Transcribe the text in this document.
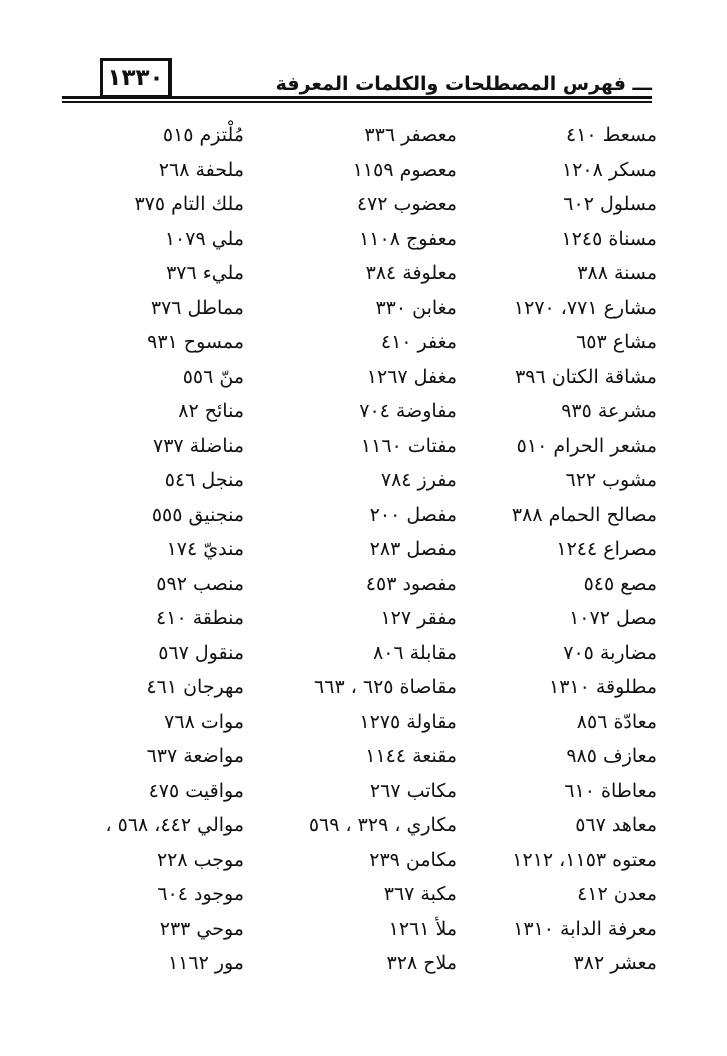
١٣٣٠	ـــ فهرس المصطلحات والكلمات المعرفة
مسعط ٤١٠
معصفر ٣٣٦
مُلْتزم ٥١٥
مسكر ١٢٠٨
معصوم ١١٥٩
ملحفة ٢٦٨
مسلول ٦٠٢
معضوب ٤٧٢
ملك التام ٣٧٥
مسناة ١٢٤٥
معفوج ١١٠٨
ملي ١٠٧٩
مسنة ٣٨٨
معلوفة ٣٨٤
مليء ٣٧٦
مشارع ٧٧١، ١٢٧٠
مغابن ٣٣٠
مماطل ٣٧٦
مشاع ٦٥٣
مغفر ٤١٠
ممسوح ٩٣١
مشاقة الكتان ٣٩٦
مغفل ١٢٦٧
منّ ٥٥٦
مشرعة ٩٣٥
مفاوضة ٧٠٤
منائح ٨٢
مشعر الحرام ٥١٠
مفتات ١١٦٠
مناضلة ٧٣٧
مشوب ٦٢٢
مفرز ٧٨٤
منجل ٥٤٦
مصالح الحمام ٣٨٨
مفصل ٢٠٠
منجنيق ٥٥٥
مصراع ١٢٤٤
مفصل ٢٨٣
منديّ ١٧٤
مصع ٥٤٥
مفصود ٤٥٣
منصب ٥٩٢
مصل ١٠٧٢
مفقر ١٢٧
منطقة ٤١٠
مضاربة ٧٠٥
مقابلة ٨٠٦
منقول ٥٦٧
مطلوقة ١٣١٠
مقاصاة ٦٢٥ ، ٦٦٣
مهرجان ٤٦١
معادّة ٨٥٦
مقاولة ١٢٧٥
موات ٧٦٨
معازف ٩٨٥
مقنعة ١١٤٤
مواضعة ٦٣٧
معاطاة ٦١٠
مكاتب ٢٦٧
مواقيت ٤٧٥
معاهد ٥٦٧
مكاري ، ٣٢٩ ، ٥٦٩
موالي ٤٤٢، ٥٦٨ ،
معتوه ١١٥٣، ١٢١٢
مكامن ٢٣٩
موجب ٢٢٨
معدن ٤١٢
مكبة ٣٦٧
موجود ٦٠٤
معرفة الدابة ١٣١٠
ملأ ١٢٦١
موحي ٢٣٣
معشر ٣٨٢
ملاح ٣٢٨
مور ١١٦٢
